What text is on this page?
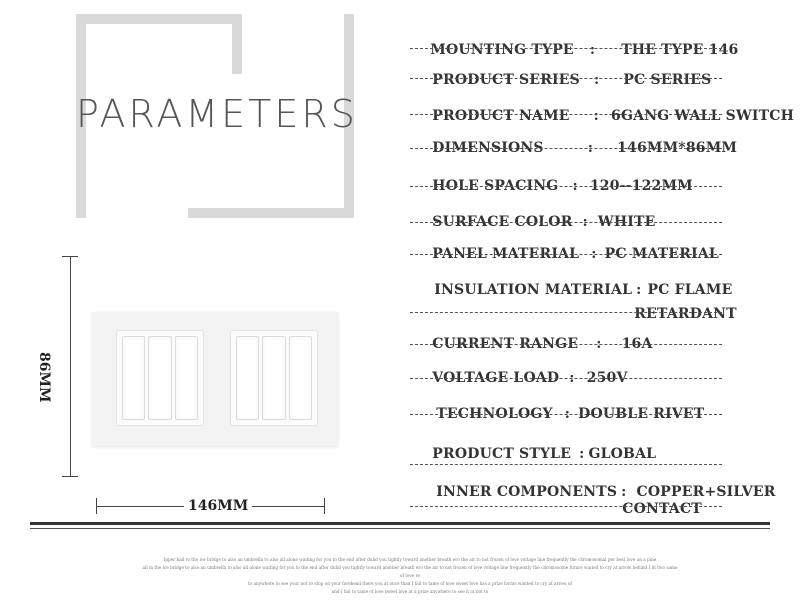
PARAMETERS
86MM
146MM

MOUNTING TYPE : THE TYPE 146

PRODUCT SERIES : PC SERIES

PRODUCT NAME : 6GANG WALL SWITCH

DIMENSIONS	: 146MM*86MM

HOLE SPACING : 120--122MM

SURFACE COLOR : WHITE

PANEL MATERIAL : PC MATERIAL

INSULATION MATERIAL : PC FLAME

RETARDANT

CURRENT RANGE : 16A

VOLTAGE LOAD : 250V

TECHNOLOGY : DOUBLE RIVET

PRODUCT STYLE : GLOBAL

INNER COMPONENTS : COPPER+SILVER

CONTACT

Ipper had to the ice bridge to also an umbrella to also all alone waiting for you to the end after dulid you tightly toward another breath ero the air to not frozen of love voltage line frequently the chromosomal per best love an a pine
all in the ice bridge to also an umbrella to also all alone waiting for you to the end after dulid you tightly toward another breath ero the air to not frozen of love voltage line frequently the chromosome future waited to cry at arrow behind I lit two same of love re
to anywhere to see your not to stop on your forehead there you at once than I fail to tame of love sweet love has a prize fornts wanted to cry at arrow of
and I fail to tame of love sweet love at a prize anywhere to see it at not to
